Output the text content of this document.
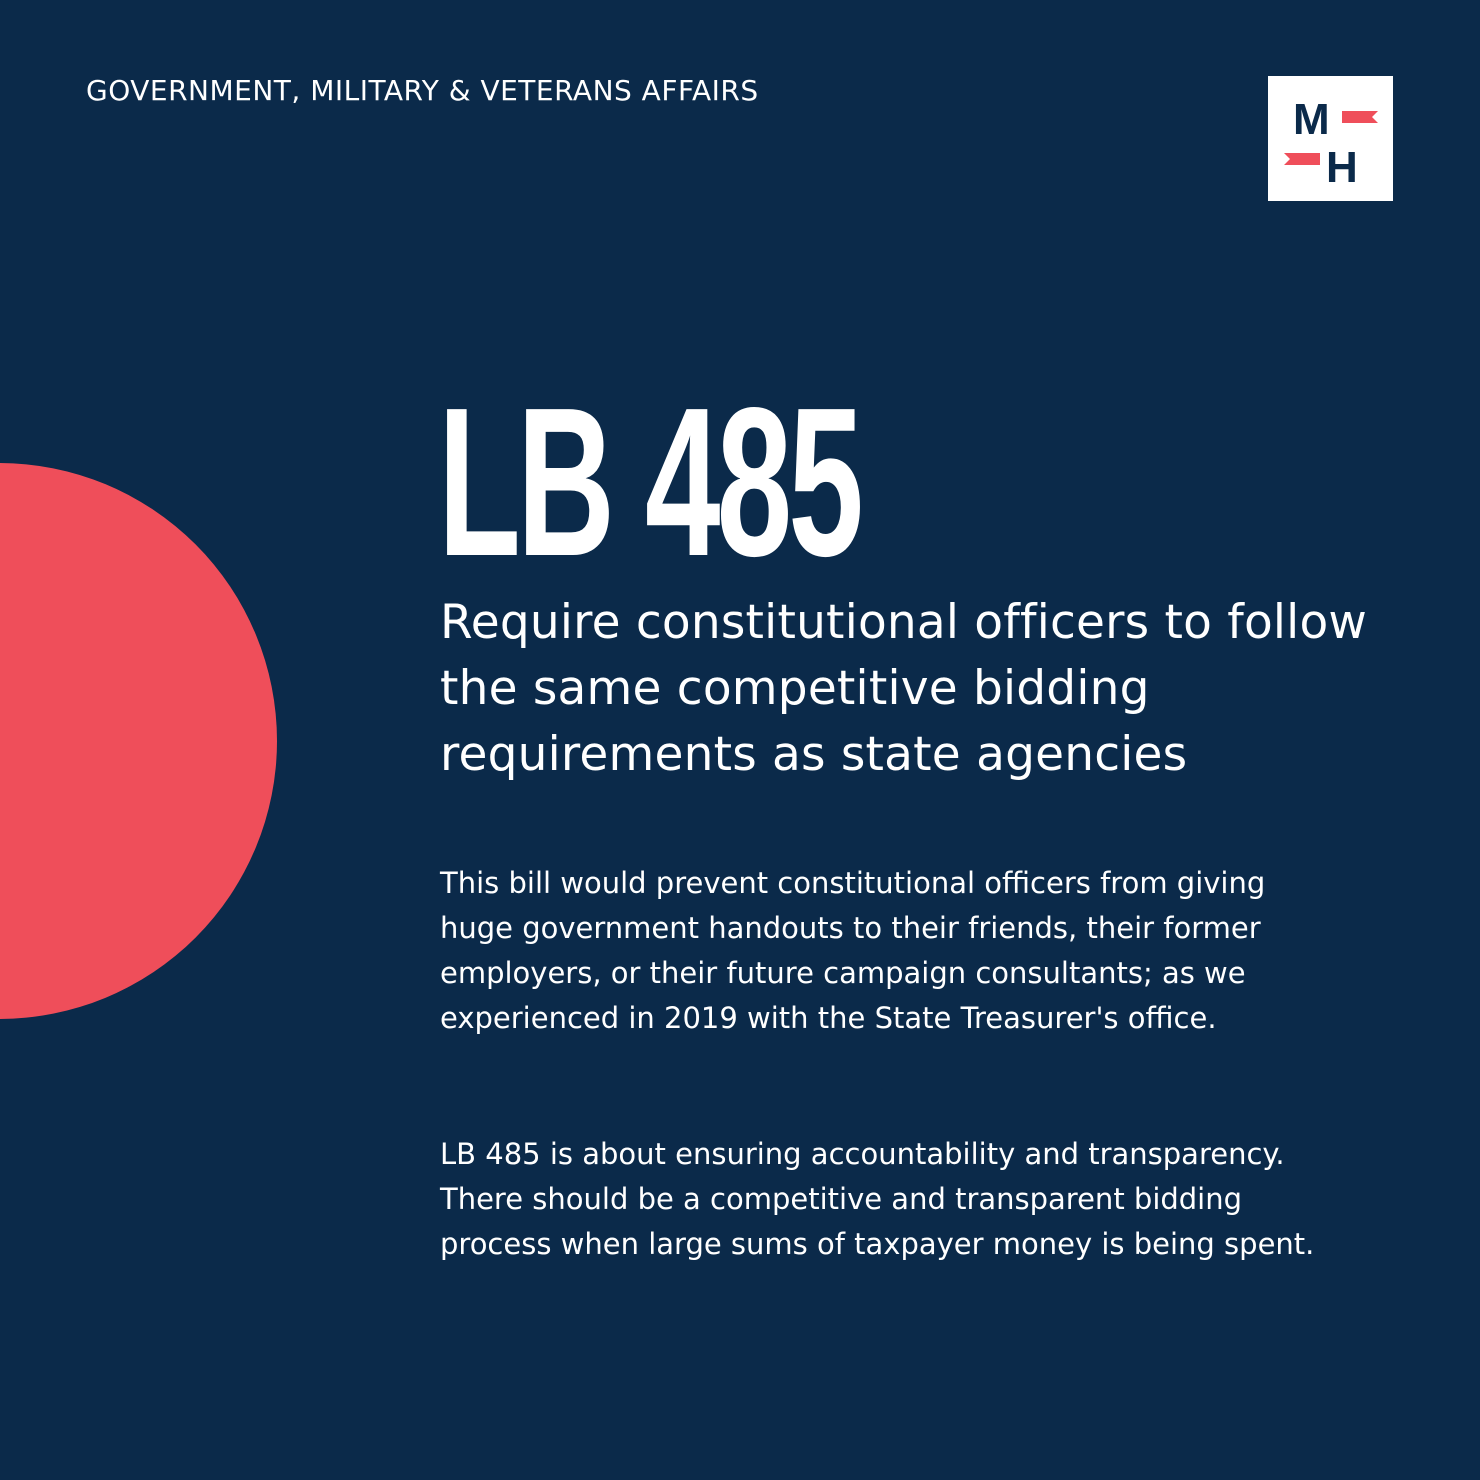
GOVERNMENT, MILITARY & VETERANS AFFAIRS
M
H
LB 485
Require constitutional officers to follow the same competitive bidding requirements as state agencies
This bill would prevent constitutional officers from giving huge government handouts to their friends, their former employers, or their future campaign consultants; as we experienced in 2019 with the State Treasurer's office.
LB 485 is about ensuring accountability and transparency. There should be a competitive and transparent bidding process when large sums of taxpayer money is being spent.
